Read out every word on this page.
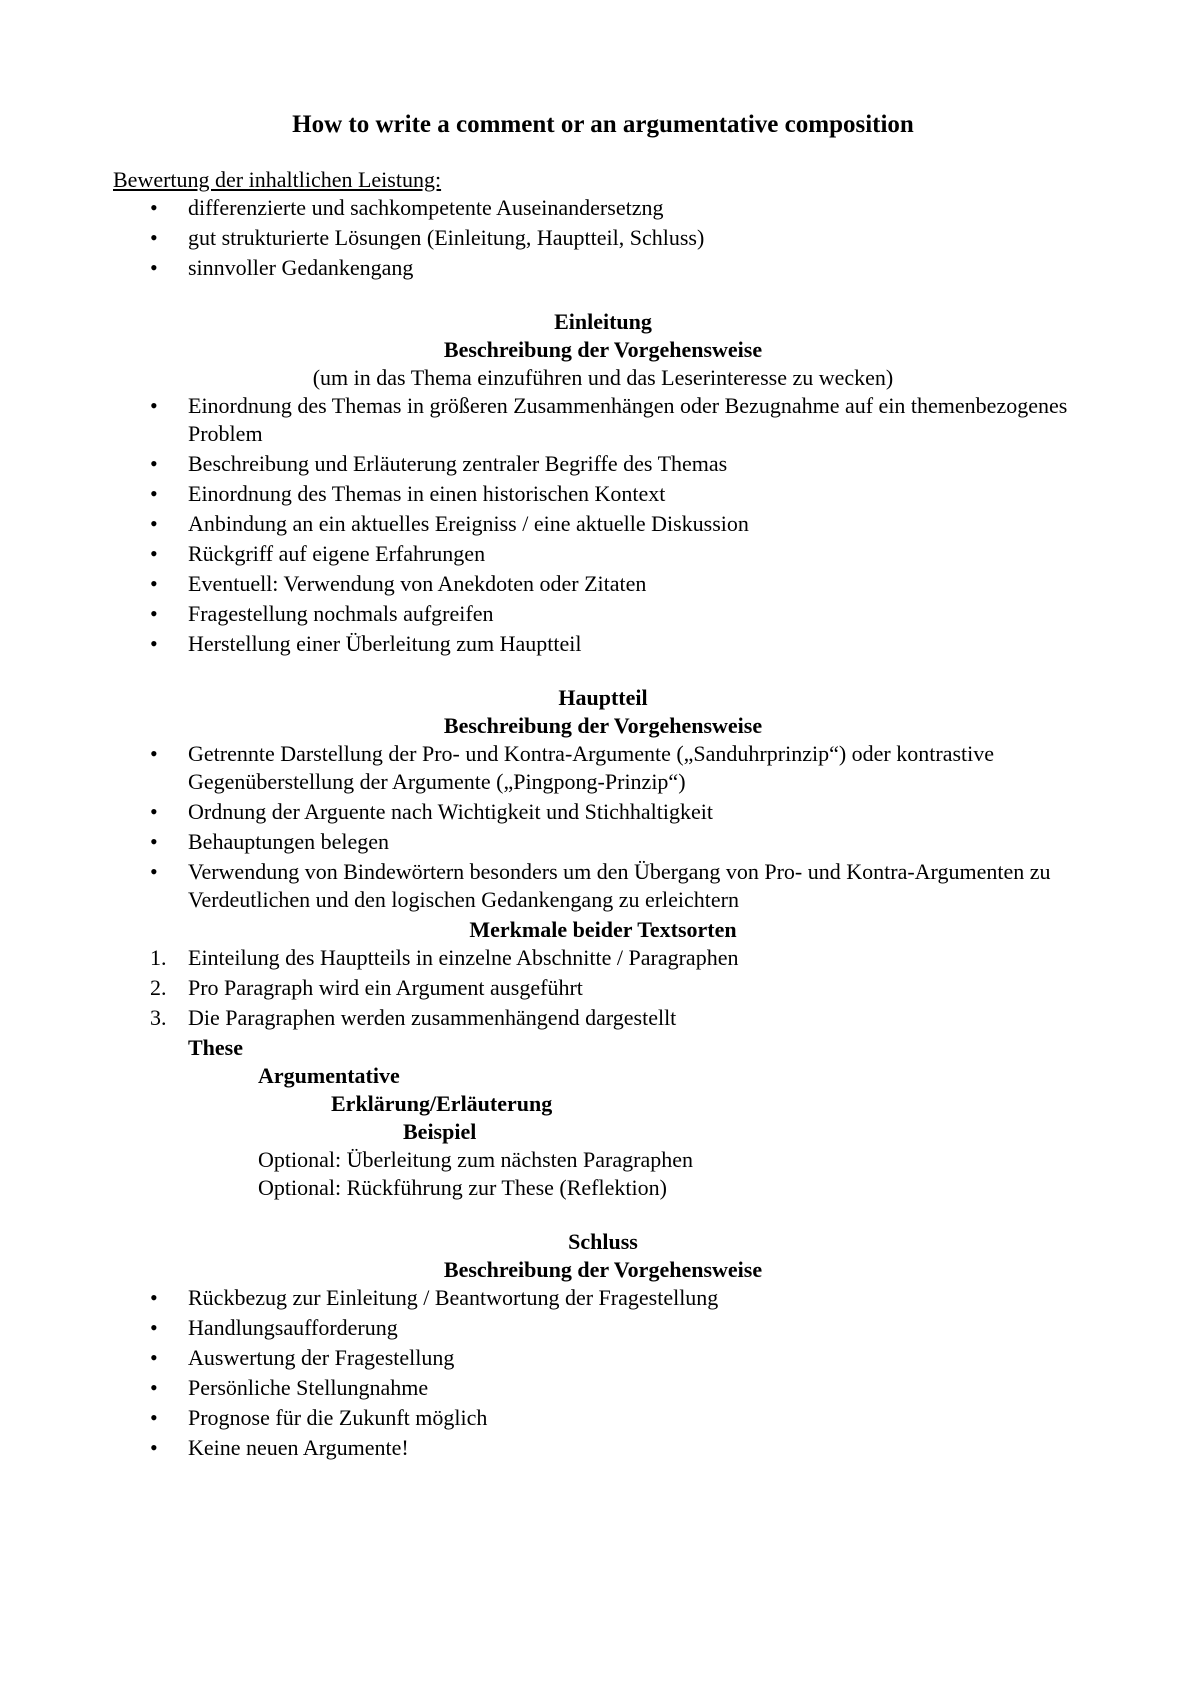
How to write a comment or an argumentative composition
Bewertung der inhaltlichen Leistung:
• differenzierte und sachkompetente Auseinandersetzng
• gut strukturierte Lösungen (Einleitung, Hauptteil, Schluss)
• sinnvoller Gedankengang
Einleitung
Beschreibung der Vorgehensweise
(um in das Thema einzuführen und das Leserinteresse zu wecken)
• Einordnung des Themas in größeren Zusammenhängen oder Bezugnahme auf ein themenbezogenes Problem
• Beschreibung und Erläuterung zentraler Begriffe des Themas
• Einordnung des Themas in einen historischen Kontext
• Anbindung an ein aktuelles Ereigniss / eine aktuelle Diskussion
• Rückgriff auf eigene Erfahrungen
• Eventuell: Verwendung von Anekdoten oder Zitaten
• Fragestellung nochmals aufgreifen
• Herstellung einer Überleitung zum Hauptteil
Hauptteil
Beschreibung der Vorgehensweise
• Getrennte Darstellung der Pro- und Kontra-Argumente („Sanduhrprinzip“) oder kontrastive Gegenüberstellung der Argumente („Pingpong-Prinzip“)
• Ordnung der Arguente nach Wichtigkeit und Stichhaltigkeit
• Behauptungen belegen
• Verwendung von Bindewörtern besonders um den Übergang von Pro- und Kontra-Argumenten zu Verdeutlichen und den logischen Gedankengang zu erleichtern
Merkmale beider Textsorten
1. Einteilung des Hauptteils in einzelne Abschnitte / Paragraphen
2. Pro Paragraph wird ein Argument ausgeführt
3. Die Paragraphen werden zusammenhängend dargestellt
These
Argumentative
Erklärung/Erläuterung
Beispiel
Optional: Überleitung zum nächsten Paragraphen
Optional: Rückführung zur These (Reflektion)
Schluss
Beschreibung der Vorgehensweise
• Rückbezug zur Einleitung / Beantwortung der Fragestellung
• Handlungsaufforderung
• Auswertung der Fragestellung
• Persönliche Stellungnahme
• Prognose für die Zukunft möglich
• Keine neuen Argumente!
